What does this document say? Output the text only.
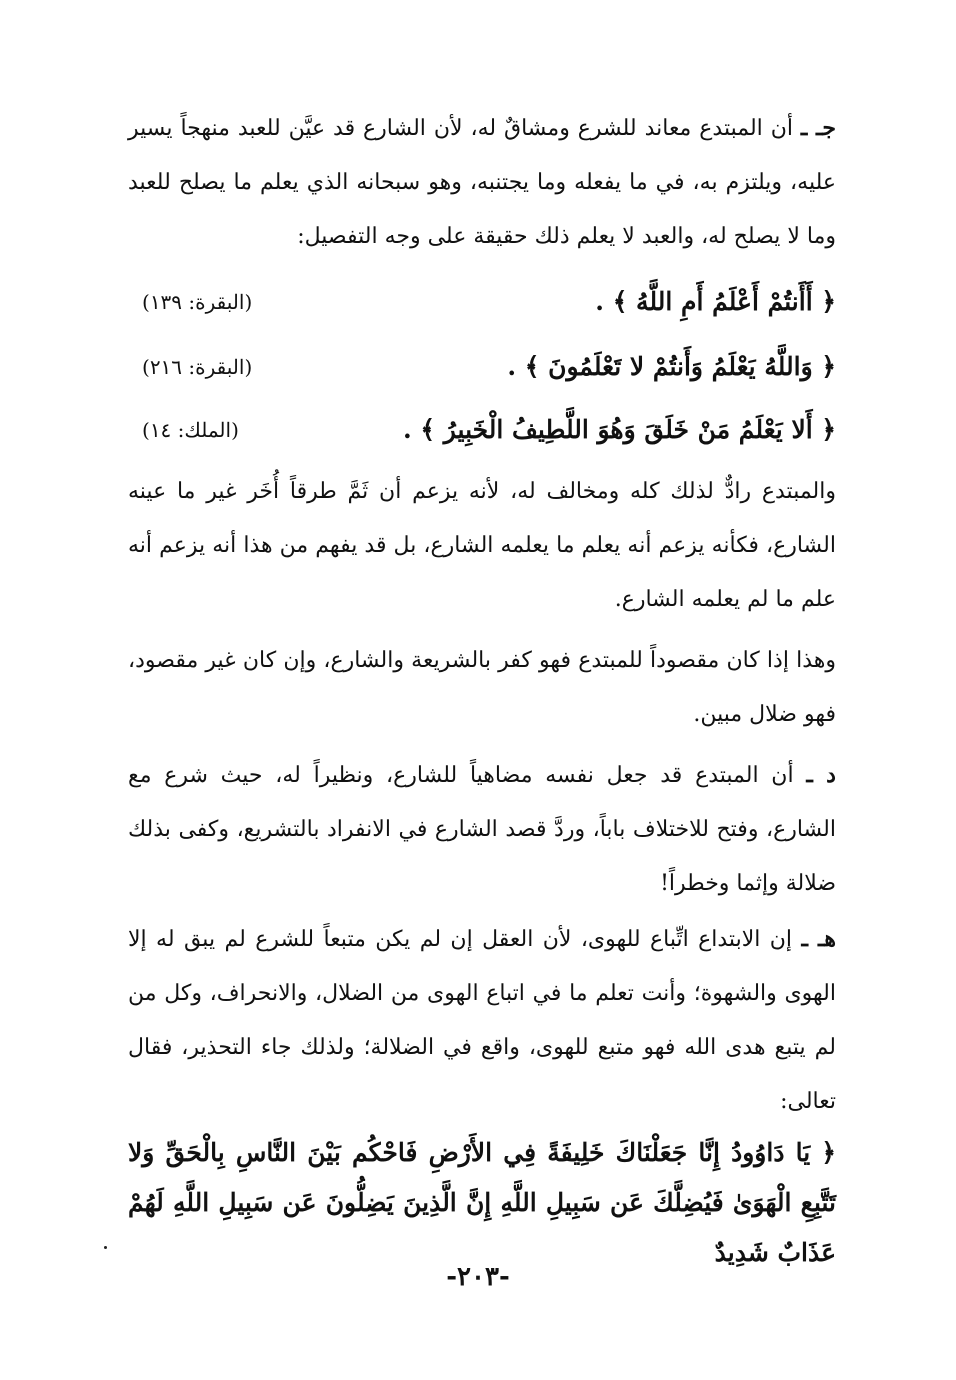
جـ ـ أن المبتدع معاند للشرع ومشاقٌ له، لأن الشارع قد عيَّن للعبد منهجاً يسير عليه، ويلتزم به، في ما يفعله وما يجتنبه، وهو سبحانه الذي يعلم ما يصلح للعبد وما لا يصلح له، والعبد لا يعلم ذلك حقيقة على وجه التفصيل:

﴿ أَأَنتُمْ أَعْلَمُ أَمِ اللَّهُ ﴾ .
(البقرة: ١٣٩)
﴿ وَاللَّهُ يَعْلَمُ وَأَنتُمْ لا تَعْلَمُونَ ﴾ .
(البقرة: ٢١٦)
﴿ أَلا يَعْلَمُ مَنْ خَلَقَ وَهُوَ اللَّطِيفُ الْخَبِيرُ ﴾ .
(الملك: ١٤)

والمبتدع رادٌّ لذلك كله ومخالف له، لأنه يزعم أن ثَمَّ طرقاً أُخَر غير ما عينه الشارع، فكأنه يزعم أنه يعلم ما يعلمه الشارع، بل قد يفهم من هذا أنه يزعم أنه علم ما لم يعلمه الشارع.

وهذا إذا كان مقصوداً للمبتدع فهو كفر بالشريعة والشارع، وإن كان غير مقصود، فهو ضلال مبين.

د ـ أن المبتدع قد جعل نفسه مضاهياً للشارع، ونظيراً له، حيث شرع مع الشارع، وفتح للاختلاف باباً، وردَّ قصد الشارع في الانفراد بالتشريع، وكفى بذلك ضلالة وإثما وخطراً!

هـ ـ إن الابتداع اتِّباع للهوى، لأن العقل إن لم يكن متبعاً للشرع لم يبق له إلا الهوى والشهوة؛ وأنت تعلم ما في اتباع الهوى من الضلال، والانحراف، وكل من لم يتبع هدى الله فهو متبع للهوى، واقع في الضلالة؛ ولذلك جاء التحذير، فقال تعالى:

﴿ يَا دَاوُودُ إِنَّا جَعَلْنَاكَ خَلِيفَةً فِي الأَرْضِ فَاحْكُم بَيْنَ النَّاسِ بِالْحَقِّ وَلا تَتَّبِعِ الْهَوَىٰ فَيُضِلَّكَ عَن سَبِيلِ اللَّهِ إِنَّ الَّذِينَ يَضِلُّونَ عَن سَبِيلِ اللَّهِ لَهُمْ عَذَابٌ شَدِيدٌ

-٢٠٣-
